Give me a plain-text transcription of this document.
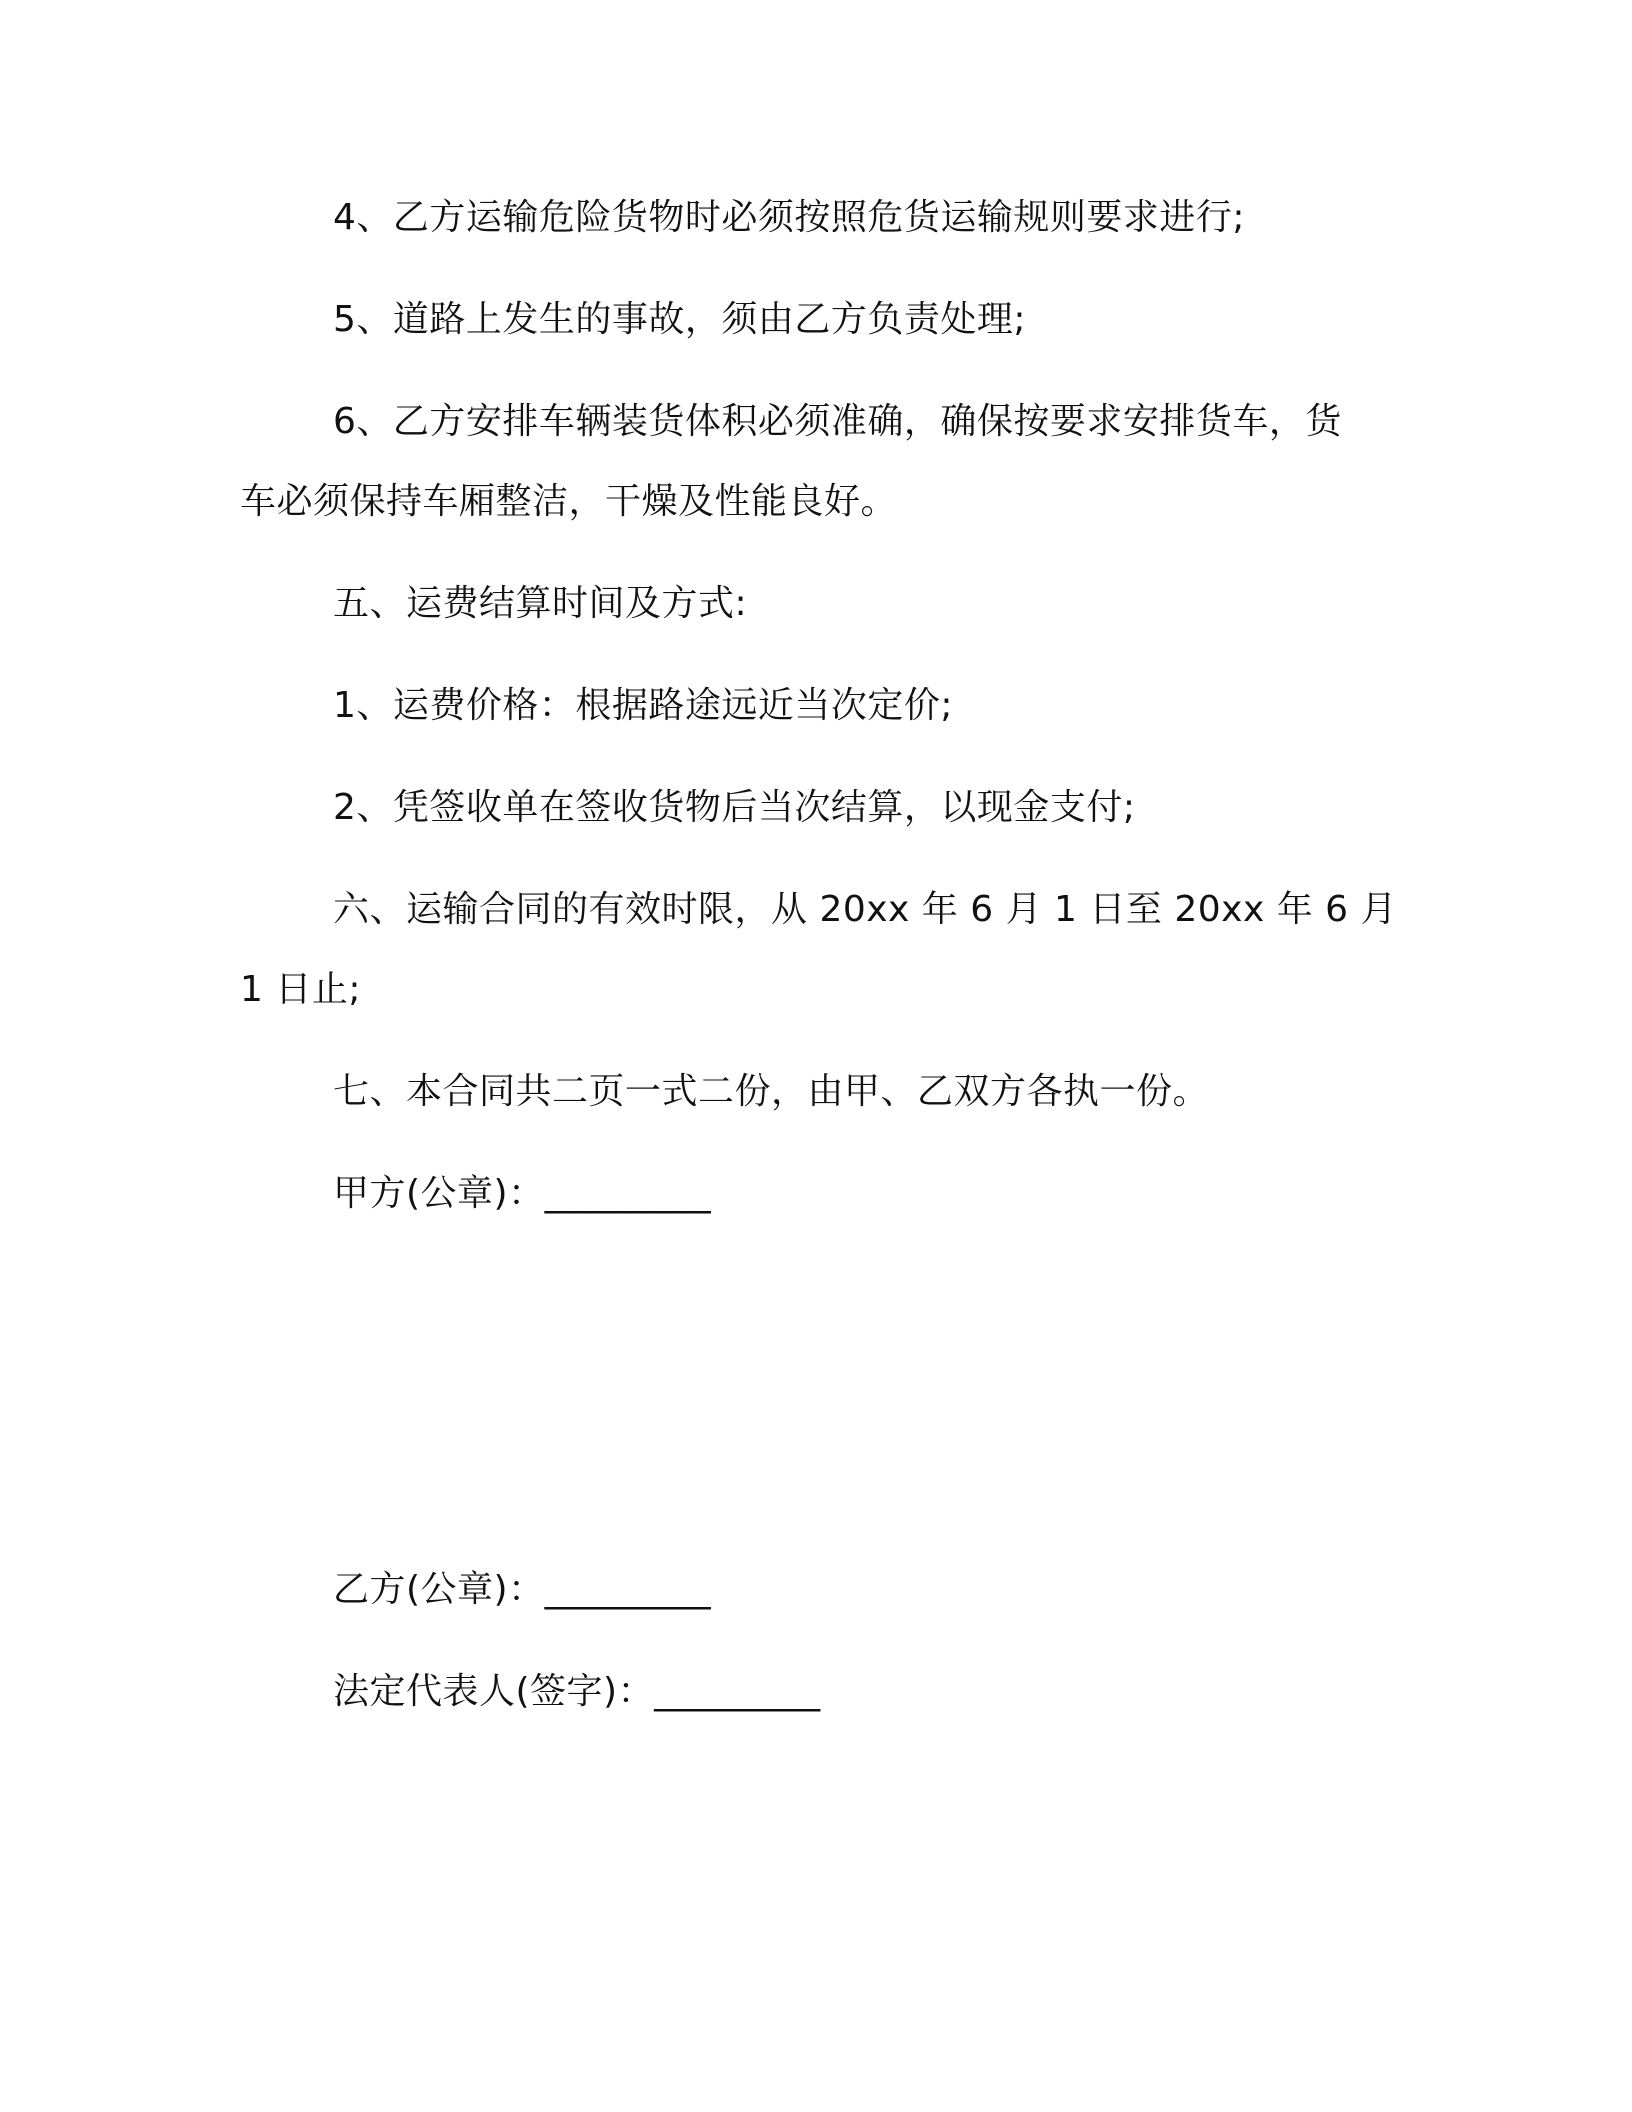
4、乙方运输危险货物时必须按照危货运输规则要求进行;
5、道路上发生的事故，须由乙方负责处理;
6、乙方安排车辆装货体积必须准确，确保按要求安排货车，货
车必须保持车厢整洁，干燥及性能良好。
五、运费结算时间及方式:
1、运费价格：根据路途远近当次定价;
2、凭签收单在签收货物后当次结算，以现金支付;
六、运输合同的有效时限，从 20xx 年 6 月 1 日至 20xx 年 6 月
1 日止;
七、本合同共二页一式二份，由甲、乙双方各执一份。
甲方(公章)：_________
乙方(公章)：_________
法定代表人(签字)：_________
